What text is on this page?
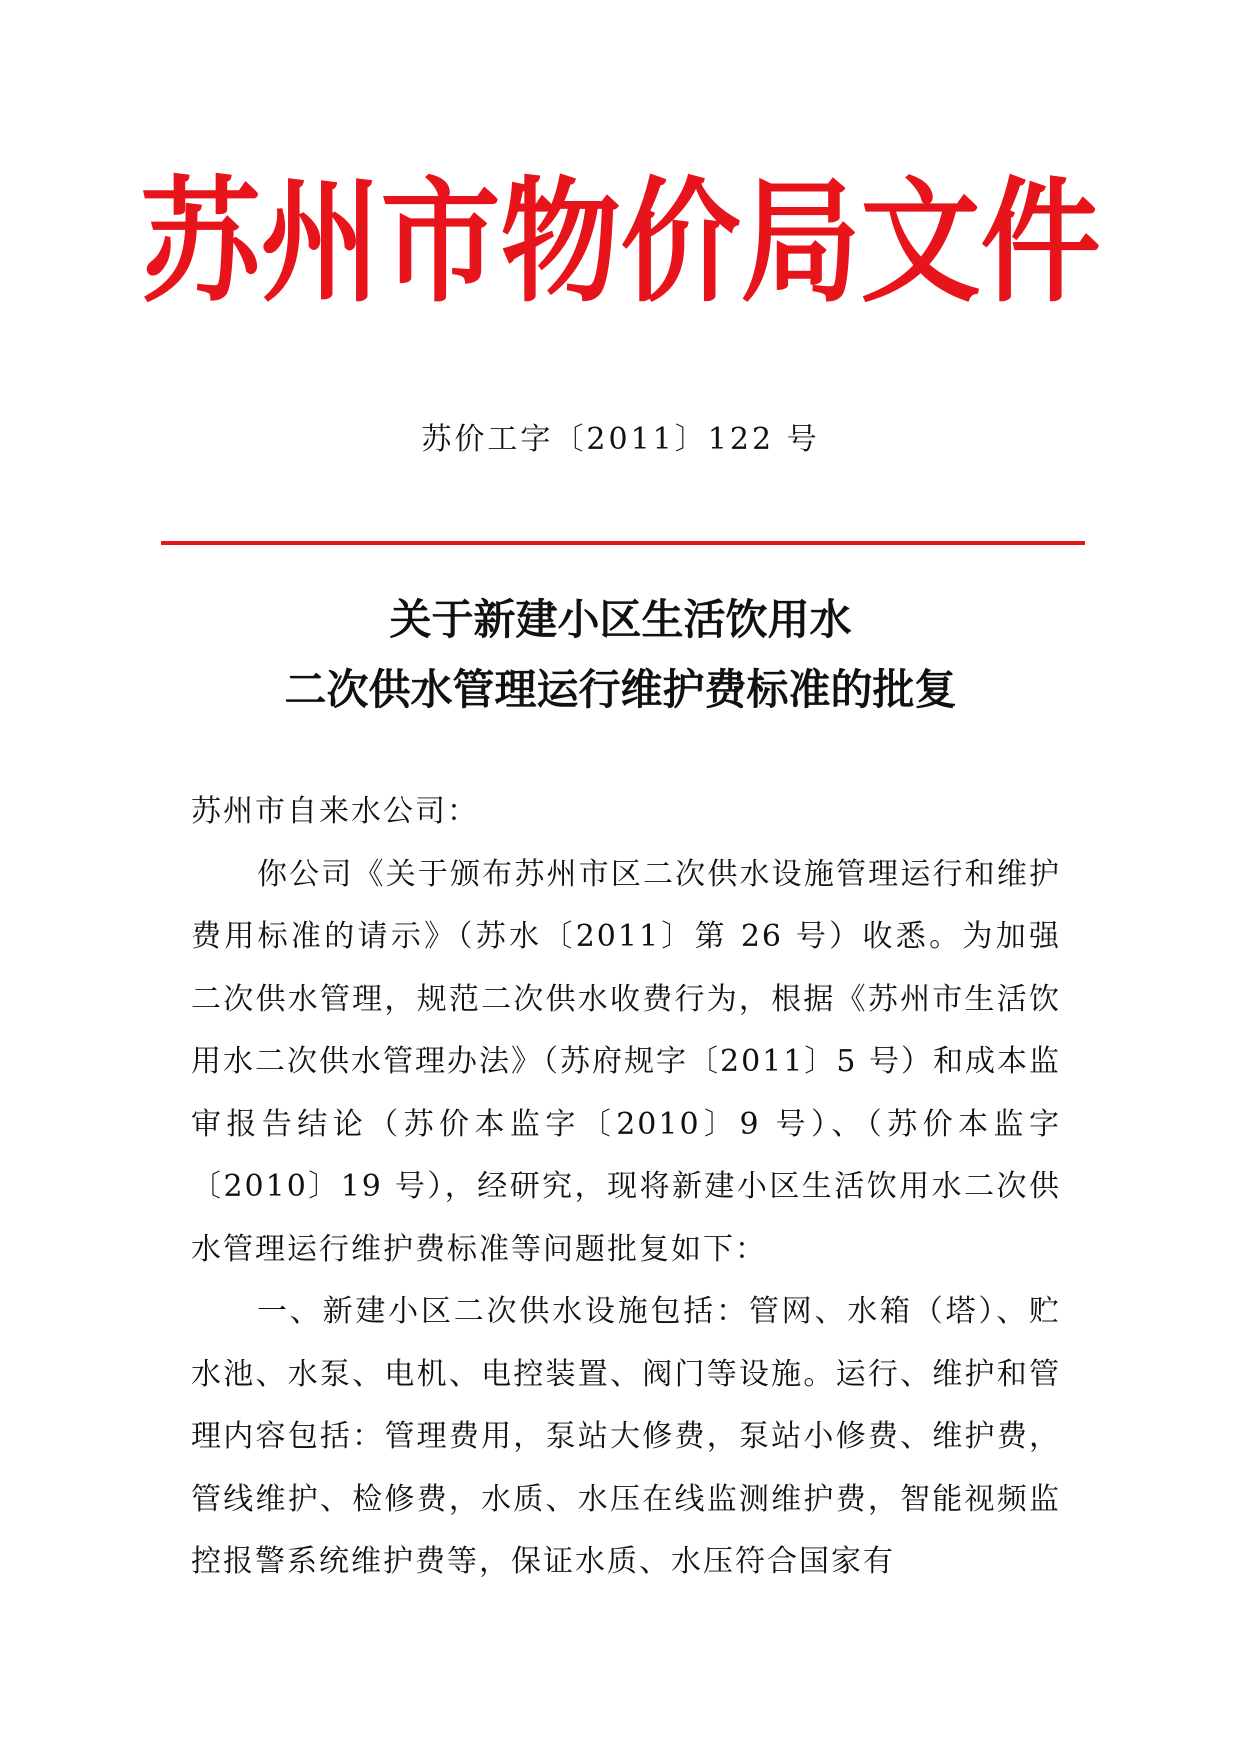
苏州市物价局文件
苏价工字〔2011〕122 号
关于新建小区生活饮用水
二次供水管理运行维护费标准的批复

苏州市自来水公司：

你公司《关于颁布苏州市区二次供水设施管理运行和维护费用标准的请示》（苏水〔2011〕第 26 号）收悉。为加强二次供水管理，规范二次供水收费行为，根据《苏州市生活饮用水二次供水管理办法》（苏府规字〔2011〕5 号）和成本监审报告结论（苏价本监字〔2010〕9 号）、（苏价本监字〔2010〕19 号），经研究，现将新建小区生活饮用水二次供水管理运行维护费标准等问题批复如下：

一、新建小区二次供水设施包括：管网、水箱（塔）、贮水池、水泵、电机、电控装置、阀门等设施。运行、维护和管理内容包括：管理费用，泵站大修费，泵站小修费、维护费，管线维护、检修费，水质、水压在线监测维护费，智能视频监控报警系统维护费等，保证水质、水压符合国家有
